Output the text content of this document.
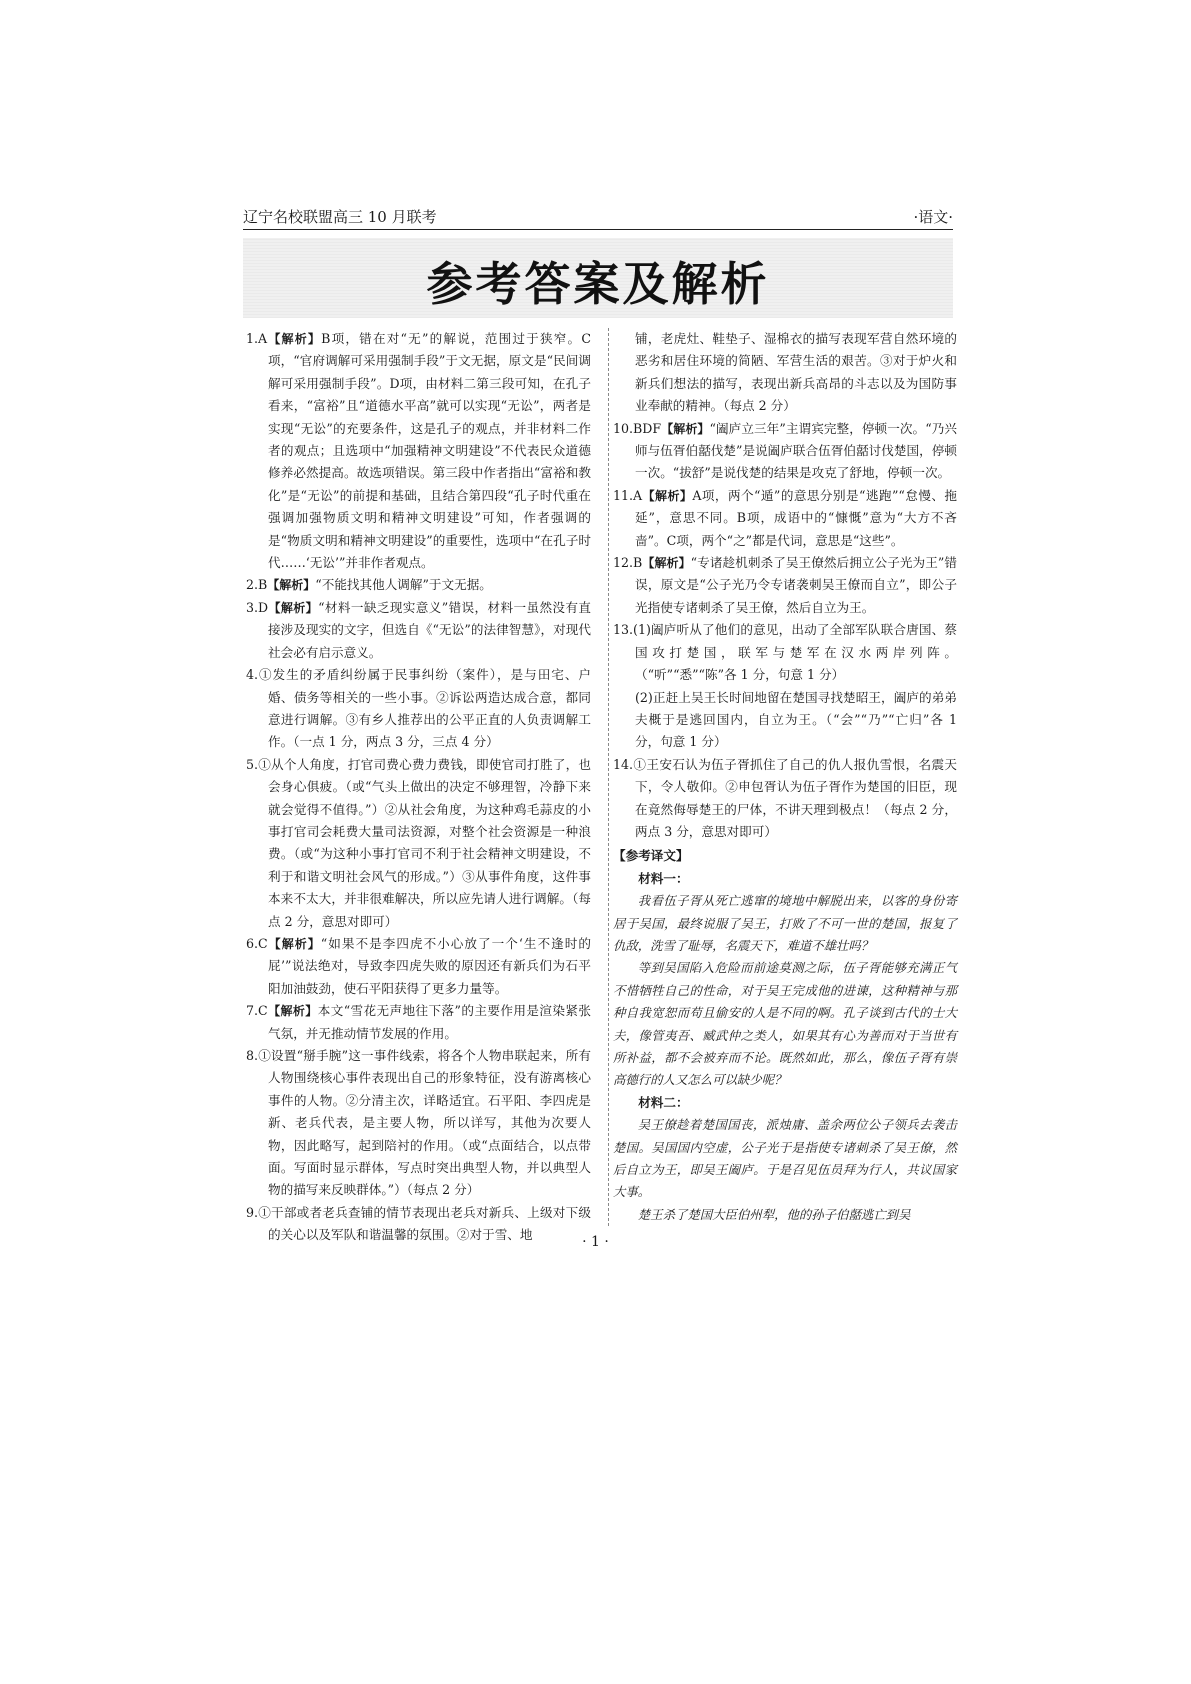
辽宁名校联盟高三 10 月联考	·语文·
参考答案及解析

1.A【解析】B项，错在对“无”的解说，范围过于狭窄。C项，“官府调解可采用强制手段”于文无据，原文是“民间调解可采用强制手段”。D项，由材料二第三段可知，在孔子看来，“富裕”且“道德水平高”就可以实现“无讼”，两者是实现“无讼”的充要条件，这是孔子的观点，并非材料二作者的观点；且选项中“加强精神文明建设”不代表民众道德修养必然提高。故选项错误。第三段中作者指出“富裕和教化”是“无讼”的前提和基础，且结合第四段“孔子时代重在强调加强物质文明和精神文明建设”可知，作者强调的是“物质文明和精神文明建设”的重要性，选项中“在孔子时代……‘无讼’”并非作者观点。

2.B【解析】“不能找其他人调解”于文无据。

3.D【解析】“材料一缺乏现实意义”错误，材料一虽然没有直接涉及现实的文字，但选自《“无讼”的法律智慧》，对现代社会必有启示意义。

4.①发生的矛盾纠纷属于民事纠纷（案件），是与田宅、户婚、债务等相关的一些小事。②诉讼两造达成合意，都同意进行调解。③有乡人推荐出的公平正直的人负责调解工作。（一点 1 分，两点 3 分，三点 4 分）

5.①从个人角度，打官司费心费力费钱，即使官司打胜了，也会身心俱疲。（或“气头上做出的决定不够理智，冷静下来就会觉得不值得。”）②从社会角度，为这种鸡毛蒜皮的小事打官司会耗费大量司法资源，对整个社会资源是一种浪费。（或“为这种小事打官司不利于社会精神文明建设，不利于和谐文明社会风气的形成。”）③从事件角度，这件事本来不太大，并非很难解决，所以应先请人进行调解。（每点 2 分，意思对即可）

6.C【解析】“如果不是李四虎不小心放了一个‘生不逢时的屁’”说法绝对，导致李四虎失败的原因还有新兵们为石平阳加油鼓劲，使石平阳获得了更多力量等。

7.C【解析】本文“雪花无声地往下落”的主要作用是渲染紧张气氛，并无推动情节发展的作用。

8.①设置“掰手腕”这一事件线索，将各个人物串联起来，所有人物围绕核心事件表现出自己的形象特征，没有游离核心事件的人物。②分清主次，详略适宜。石平阳、李四虎是新、老兵代表，是主要人物，所以详写，其他为次要人物，因此略写，起到陪衬的作用。（或“点面结合，以点带面。写面时显示群体，写点时突出典型人物，并以典型人物的描写来反映群体。”）（每点 2 分）

9.①干部或者老兵查铺的情节表现出老兵对新兵、上级对下级的关心以及军队和谐温馨的氛围。②对于雪、地

铺，老虎灶、鞋垫子、湿棉衣的描写表现军营自然环境的恶劣和居住环境的简陋、军营生活的艰苦。③对于炉火和新兵们想法的描写，表现出新兵高昂的斗志以及为国防事业奉献的精神。（每点 2 分）

10.BDF【解析】“阖庐立三年”主谓宾完整，停顿一次。“乃兴师与伍胥伯嚭伐楚”是说阖庐联合伍胥伯嚭讨伐楚国，停顿一次。“拔舒”是说伐楚的结果是攻克了舒地，停顿一次。

11.A【解析】A项，两个“遁”的意思分别是“逃跑”“怠慢、拖延”，意思不同。B项，成语中的“慷慨”意为“大方不吝啬”。C项，两个“之”都是代词，意思是“这些”。

12.B【解析】“专诸趁机刺杀了吴王僚然后拥立公子光为王”错误，原文是“公子光乃令专诸袭刺吴王僚而自立”，即公子光指使专诸刺杀了吴王僚，然后自立为王。

13.(1)阖庐听从了他们的意见，出动了全部军队联合唐国、蔡国攻打楚国，联军与楚军在汉水两岸列阵。（“听”“悉”“陈”各 1 分，句意 1 分）

(2)正赶上吴王长时间地留在楚国寻找楚昭王，阖庐的弟弟夫概于是逃回国内，自立为王。（“会”“乃”“亡归”各 1 分，句意 1 分）

14.①王安石认为伍子胥抓住了自己的仇人报仇雪恨，名震天下，令人敬仰。②申包胥认为伍子胥作为楚国的旧臣，现在竟然侮辱楚王的尸体，不讲天理到极点！（每点 2 分，两点 3 分，意思对即可）

【参考译文】

材料一：

我看伍子胥从死亡逃窜的境地中解脱出来，以客的身份寄居于吴国，最终说服了吴王，打败了不可一世的楚国，报复了仇敌，洗雪了耻辱，名震天下，难道不雄壮吗？

等到吴国陷入危险而前途莫测之际，伍子胥能够充满正气不惜牺牲自己的性命，对于吴王完成他的进谏，这种精神与那种自我宽恕而苟且偷安的人是不同的啊。孔子谈到古代的士大夫，像管夷吾、臧武仲之类人，如果其有心为善而对于当世有所补益，都不会被弃而不论。既然如此，那么，像伍子胥有崇高德行的人又怎么可以缺少呢？

材料二：

吴王僚趁着楚国国丧，派烛庸、盖余两位公子领兵去袭击楚国。吴国国内空虚，公子光于是指使专诸刺杀了吴王僚，然后自立为王，即吴王阖庐。于是召见伍员拜为行人，共议国家大事。

楚王杀了楚国大臣伯州犁，他的孙子伯嚭逃亡到吴

· 1 ·
